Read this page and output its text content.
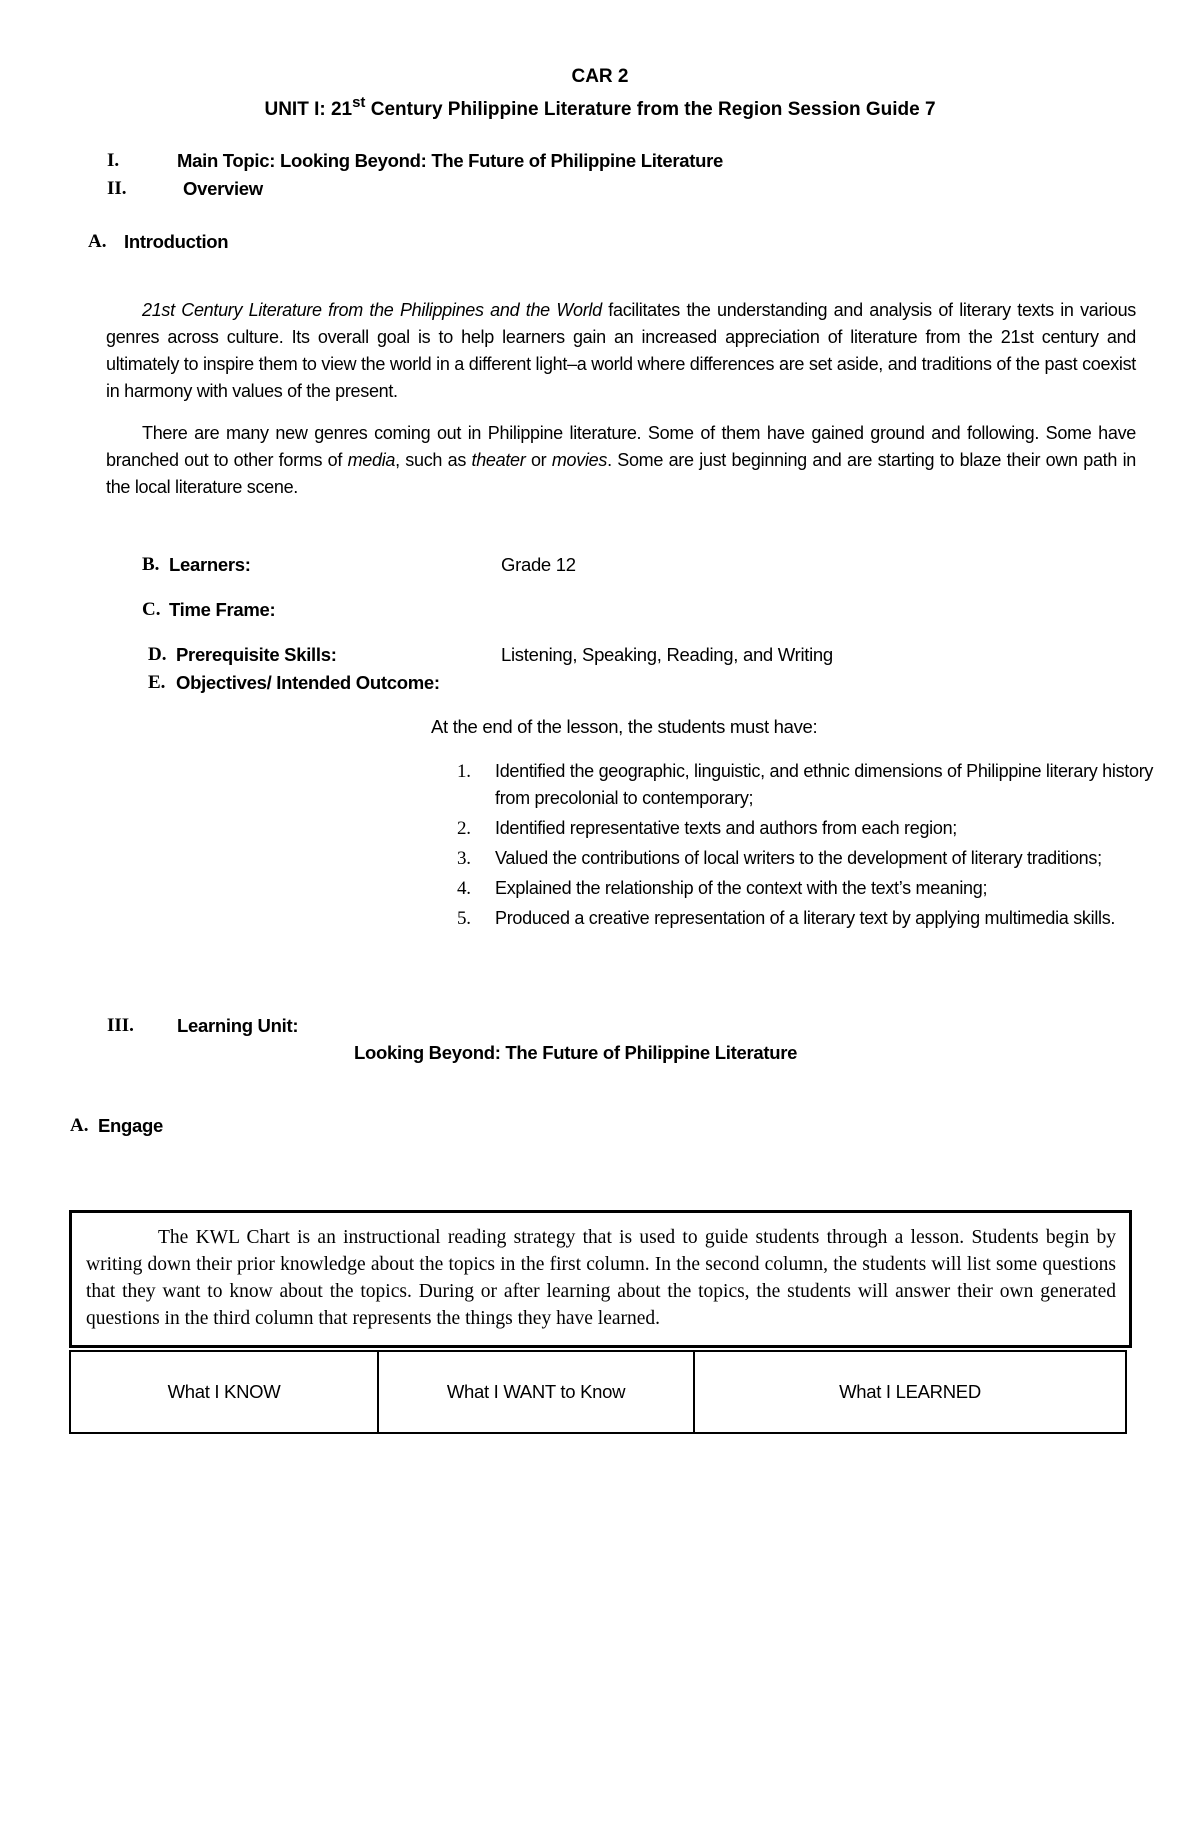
CAR 2
UNIT I: 21st Century Philippine Literature from the Region Session Guide 7
I.	Main Topic: Looking Beyond: The Future of Philippine Literature
II.	Overview
A. Introduction

21st Century Literature from the Philippines and the World facilitates the understanding and analysis of literary texts in various genres across culture. Its overall goal is to help learners gain an increased appreciation of literature from the 21st century and ultimately to inspire them to view the world in a different light–a world where differences are set aside, and traditions of the past coexist in harmony with values of the present.

There are many new genres coming out in Philippine literature. Some of them have gained ground and following. Some have branched out to other forms of media, such as theater or movies. Some are just beginning and are starting to blaze their own path in the local literature scene.

B. Learners:	Grade 12
C. Time Frame:
D. Prerequisite Skills:	Listening, Speaking, Reading, and Writing
E. Objectives/ Intended Outcome:
At the end of the lesson, the students must have:
1. Identified the geographic, linguistic, and ethnic dimensions of Philippine literary history from precolonial to contemporary;
2. Identified representative texts and authors from each region;
3. Valued the contributions of local writers to the development of literary traditions;
4. Explained the relationship of the context with the text’s meaning;
5. Produced a creative representation of a literary text by applying multimedia skills.
III. Learning Unit:
Looking Beyond: The Future of Philippine Literature
A. Engage
The KWL Chart is an instructional reading strategy that is used to guide students through a lesson. Students begin by writing down their prior knowledge about the topics in the first column. In the second column, the students will list some questions that they want to know about the topics. During or after learning about the topics, the students will answer their own generated questions in the third column that represents the things they have learned.
What I KNOW	What I WANT to Know	What I LEARNED
